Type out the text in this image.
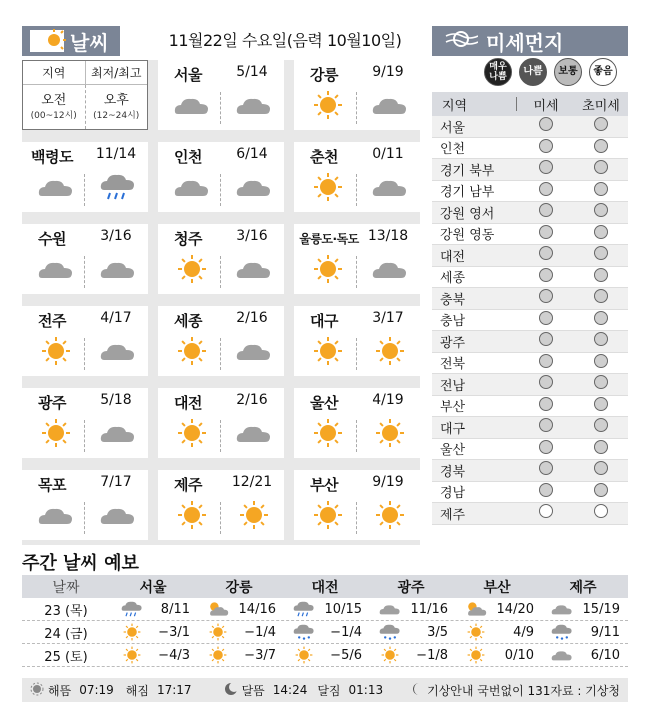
날씨	11월22일 수요일(음력 10월10일)	미세먼지
지역	최저/최고
오전
(00~12시)
오후
(12~24시)
서울	5/14	강릉	9/19
백령도	11/14	인천	6/14	춘천	0/11
수원	3/16	청주	3/16	울릉도·독도 13/18
전주	4/17	세종	2/16	대구	3/17
광주	5/18	대전	2/16	울산	4/19
목포	7/17	제주	12/21	부산	9/19
매우 나쁨	나쁨	보통	좋음
지역	미세	초미세
서울
인천
경기 북부
경기 남부
강원 영서
강원 영동
대전
세종
충북
충남
광주
전북
전남
부산
대구
울산
경북
경남
제주
주간 날씨 예보
날짜	서울	강릉	대전	광주	부산	제주
23 (목)	8/11	14/16	10/15	11/16	14/20	15/19
24 (금)	−3/1	−1/4	−1/4	3/5	4/9	9/11
25 (토)	−4/3	−3/7	−5/6	−1/8	0/10	6/10
해뜸 07:19 해짐 17:17	달뜸 14:24 달짐 01:13	기상안내 국번없이 131 자료 : 기상청
